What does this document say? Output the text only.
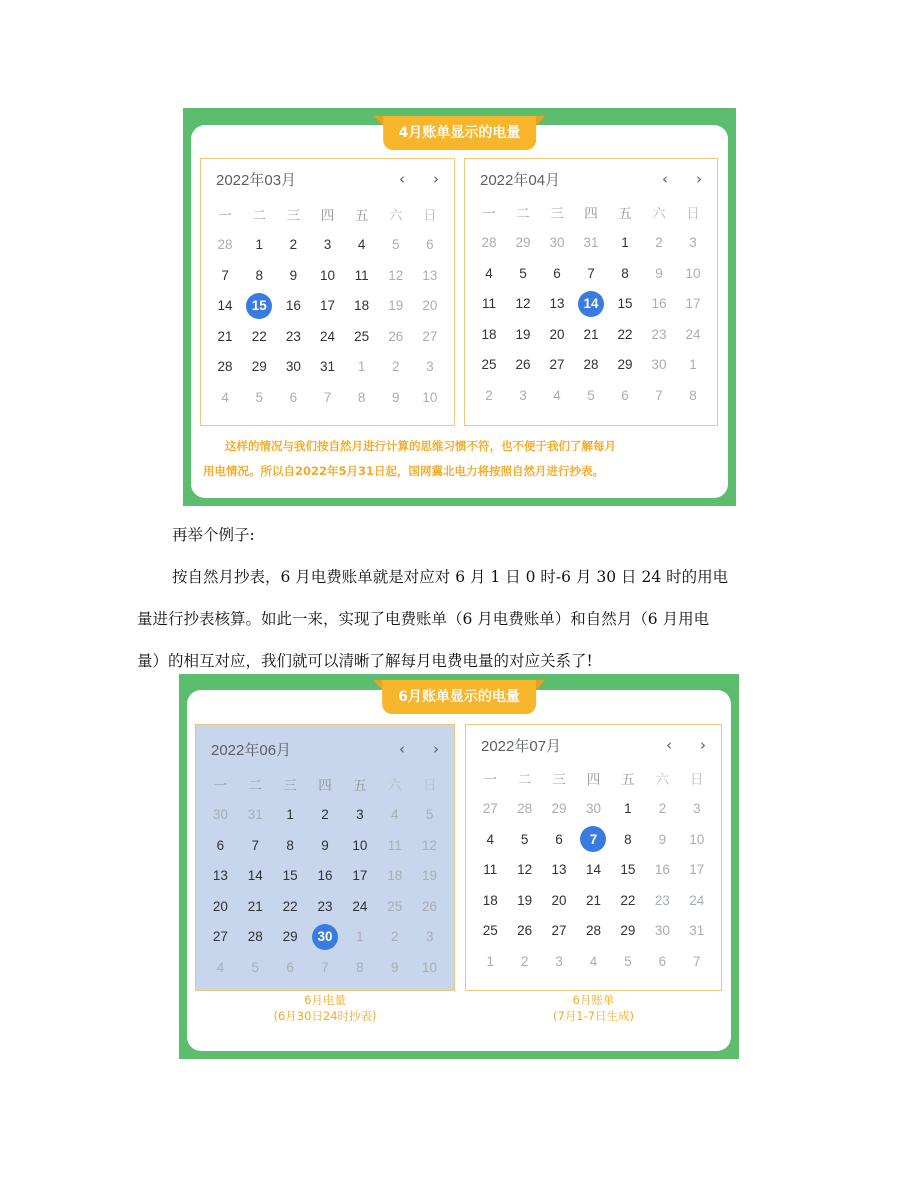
4月账单显示的电量
2022年03月	‹ ›
一	二	三	四	五	六	日
28 1 2 3 4 5 6
7 8 9 10 11 12 13
14	15	16 17 18 19 20
21 22 23 24 25 26 27
28 29 30 31 1 2 3
4 5 6 7 8 9 10
2022年04月	‹ ›
一	二	三	四	五	六	日
28 29 30 31 1 2 3
4 5 6 7 8 9 10
11 12 13	14	15 16 17
18 19 20 21 22 23 24
25 26 27 28 29 30 1
2 3 4 5 6 7 8
这样的情况与我们按自然月进行计算的思维习惯不符，也不便于我们了解每月
用电情况。所以自2022年5月31日起，国网冀北电力将按照自然月进行抄表。
再举个例子:
按自然月抄表，6 月电费账单就是对应对 6 月 1 日 0 时-6 月 30 日 24 时的用电
量进行抄表核算。如此一来，实现了电费账单（6 月电费账单）和自然月（6 月用电
量）的相互对应，我们就可以清晰了解每月电费电量的对应关系了!
6月账单显示的电量
2022年06月	‹ ›
一	二	三	四	五	六	日
30 31 1 2 3 4 5
6 7 8 9 10 11 12
13 14 15 16 17 18 19
20 21 22 23 24 25 26
27 28 29	30	1 2 3
4 5 6 7 8 9 10
2022年07月	‹ ›
一	二	三	四	五	六	日
27 28 29 30 1 2 3
4 5 6	7	8 9 10
11 12 13 14 15 16 17
18 19 20 21 22 23 24
25 26 27 28 29 30 31
1 2 3 4 5 6 7
6月电量
(6月30日24时抄表)
6月账单
(7月1-7日生成)
